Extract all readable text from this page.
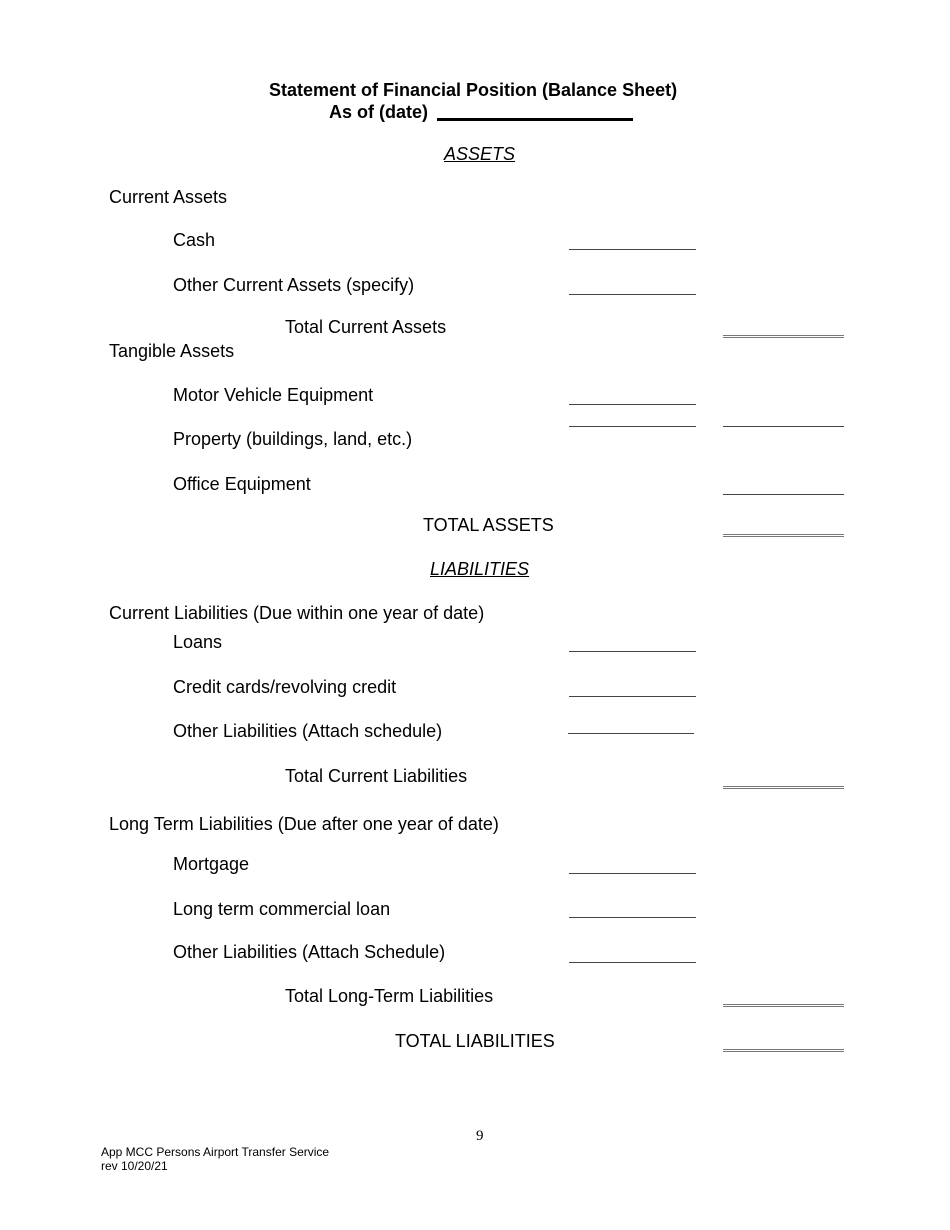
Statement of Financial Position (Balance Sheet)
As of (date)
ASSETS
Current Assets
Cash
Other Current Assets (specify)
Total Current Assets
Tangible Assets
Motor Vehicle Equipment
Property (buildings, land, etc.)
Office Equipment
TOTAL ASSETS
LIABILITIES
Current Liabilities (Due within one year of date)
Loans
Credit cards/revolving credit
Other Liabilities (Attach schedule)
Total Current Liabilities
Long Term Liabilities (Due after one year of date)
Mortgage
Long term commercial loan
Other Liabilities (Attach Schedule)
Total Long-Term Liabilities
TOTAL LIABILITIES
9
App MCC Persons Airport Transfer Service
rev 10/20/21
